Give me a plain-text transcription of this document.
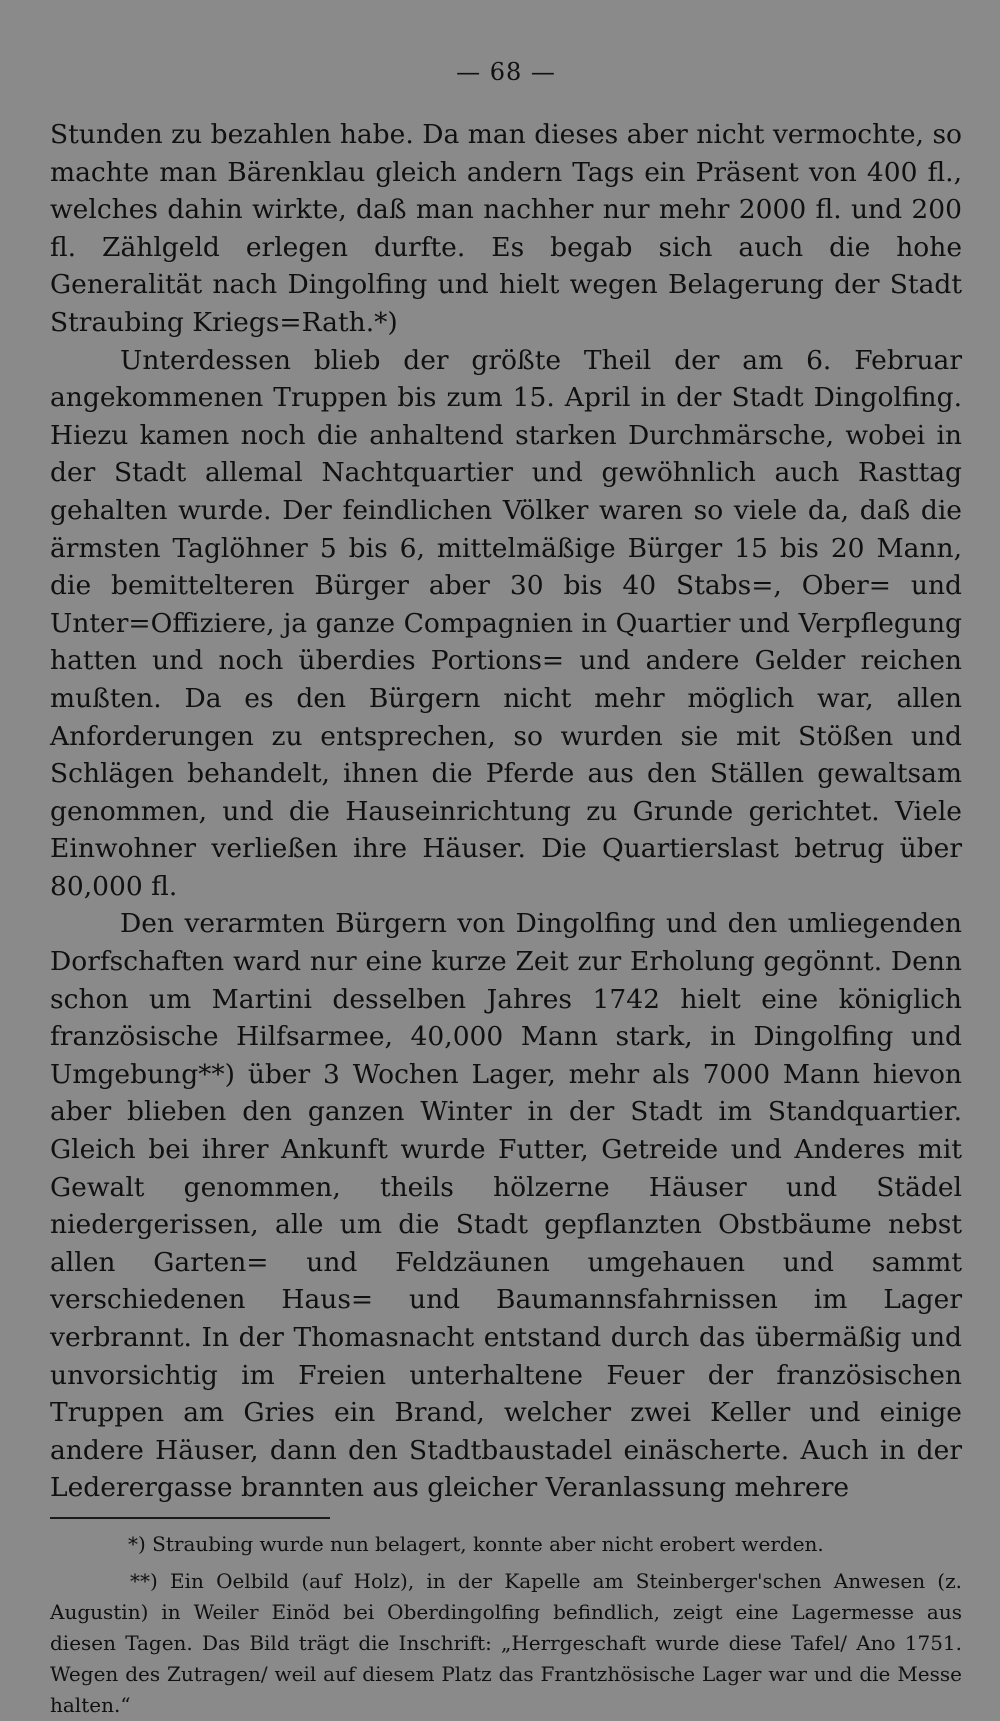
— 68 —

Stunden zu bezahlen habe. Da man dieses aber nicht vermochte, so machte man Bärenklau gleich andern Tags ein Präsent von 400 fl., welches dahin wirkte, daß man nachher nur mehr 2000 fl. und 200 fl. Zählgeld erlegen durfte. Es begab sich auch die hohe Generalität nach Dingolfing und hielt wegen Belagerung der Stadt Straubing Kriegs=Rath.*)

Unterdessen blieb der größte Theil der am 6. Februar angekommenen Truppen bis zum 15. April in der Stadt Dingolfing. Hiezu kamen noch die anhaltend starken Durchmärsche, wobei in der Stadt allemal Nachtquartier und gewöhnlich auch Rasttag gehalten wurde. Der feindlichen Völker waren so viele da, daß die ärmsten Taglöhner 5 bis 6, mittelmäßige Bürger 15 bis 20 Mann, die bemittelteren Bürger aber 30 bis 40 Stabs=, Ober= und Unter=Offiziere, ja ganze Compagnien in Quartier und Verpflegung hatten und noch überdies Portions= und andere Gelder reichen mußten. Da es den Bürgern nicht mehr möglich war, allen Anforderungen zu entsprechen, so wurden sie mit Stößen und Schlägen behandelt, ihnen die Pferde aus den Ställen gewaltsam genommen, und die Hauseinrichtung zu Grunde gerichtet. Viele Einwohner verließen ihre Häuser. Die Quartierslast betrug über 80,000 fl.

Den verarmten Bürgern von Dingolfing und den umliegenden Dorfschaften ward nur eine kurze Zeit zur Erholung gegönnt. Denn schon um Martini desselben Jahres 1742 hielt eine königlich französische Hilfsarmee, 40,000 Mann stark, in Dingolfing und Umgebung**) über 3 Wochen Lager, mehr als 7000 Mann hievon aber blieben den ganzen Winter in der Stadt im Standquartier. Gleich bei ihrer Ankunft wurde Futter, Getreide und Anderes mit Gewalt genommen, theils hölzerne Häuser und Städel niedergerissen, alle um die Stadt gepflanzten Obstbäume nebst allen Garten= und Feldzäunen umgehauen und sammt verschiedenen Haus= und Baumannsfahrnissen im Lager verbrannt. In der Thomasnacht entstand durch das übermäßig und unvorsichtig im Freien unterhaltene Feuer der französischen Truppen am Gries ein Brand, welcher zwei Keller und einige andere Häuser, dann den Stadtbaustadel einäscherte. Auch in der Lederergasse brannten aus gleicher Veranlassung mehrere

*) Straubing wurde nun belagert, konnte aber nicht erobert werden.

**) Ein Oelbild (auf Holz), in der Kapelle am Steinberger'schen Anwesen (z. Augustin) in Weiler Einöd bei Oberdingolfing befindlich, zeigt eine Lagermesse aus diesen Tagen. Das Bild trägt die Inschrift: „Herrgeschaft wurde diese Tafel/ Ano 1751. Wegen des Zutragen/ weil auf diesem Platz das Frantzhösische Lager war und die Messe halten.“
